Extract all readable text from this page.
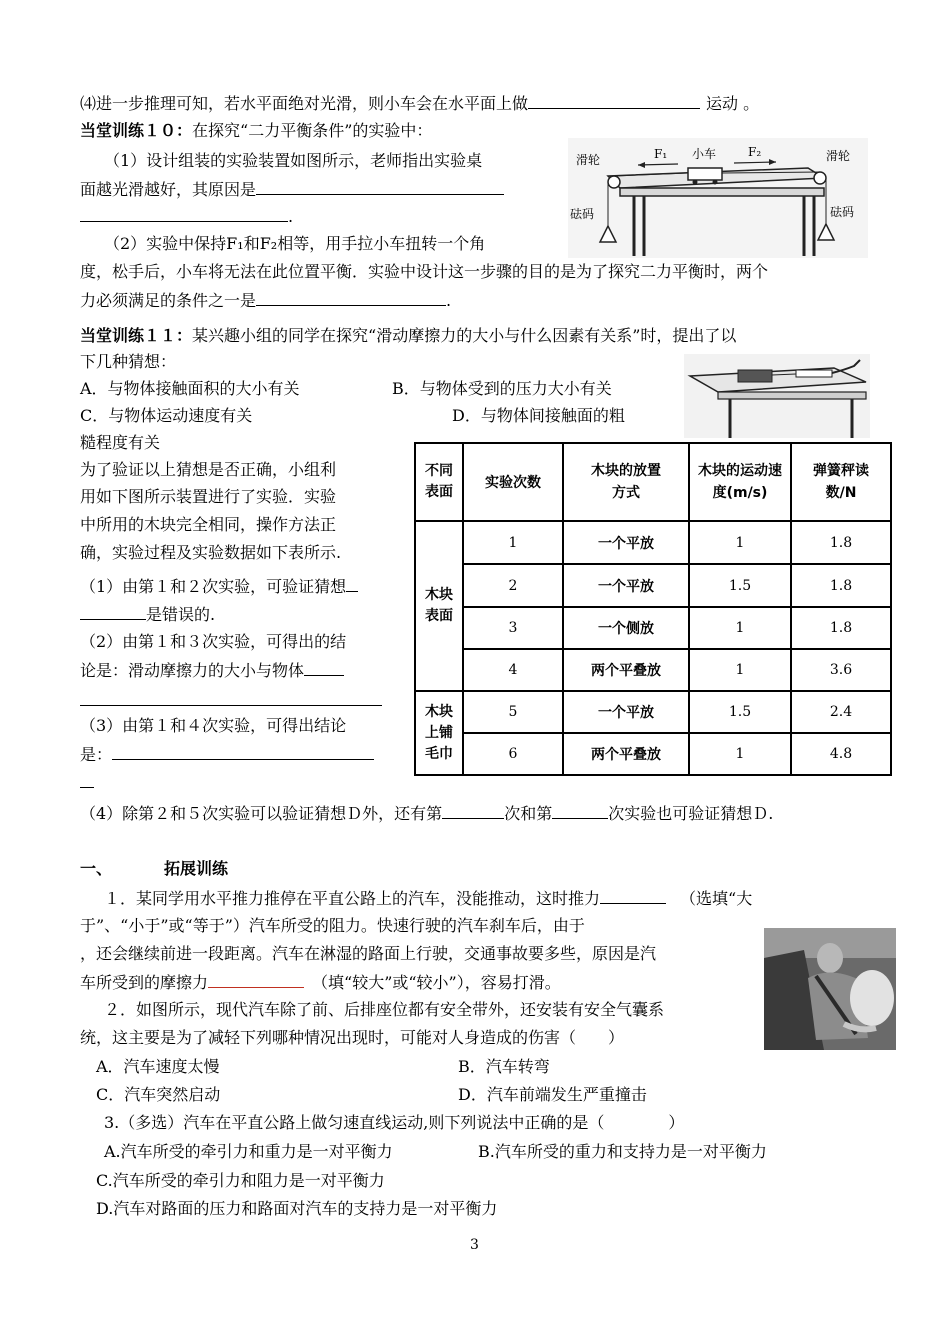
⑷进一步推理可知，若水平面绝对光滑，则小车会在水平面上做	运动 。
当堂训练１０：在探究“二力平衡条件”的实验中：
（1）设计组装的实验装置如图所示，老师指出实验桌
面越光滑越好，其原因是
.
（2）实验中保持F₁和F₂相等，用手拉小车扭转一个角
度，松手后，小车将无法在此位置平衡．实验中设计这一步骤的目的是为了探究二力平衡时，两个
力必须满足的条件之一是	.
滑轮	滑轮
F₁ 小车	F₂
砝码	砝码
当堂训练１１：某兴趣小组的同学在探究“滑动摩擦力的大小与什么因素有关系”时，提出了以
下几种猜想：
A．与物体接触面积的大小有关	B．与物体受到的压力大小有关
C．与物体运动速度有关	D．与物体间接触面的粗
糙程度有关
为了验证以上猜想是否正确，小组利
用如下图所示装置进行了实验．实验
中所用的木块完全相同，操作方法正
确，实验过程及实验数据如下表所示.
（1）由第１和２次实验，可验证猜想
是错误的.
（2）由第１和３次实验，可得出的结
论是：滑动摩擦力的大小与物体
（3）由第１和４次实验，可得出结论
是：
不同表面	实验次数	木块的放置方式	木块的运动速度(m/s)	弹簧秤读数/N

木块表面	1	一个平放	1	1.8
	2	一个平放	1.5	1.8
	3	一个侧放	1	1.8
	4	两个平叠放	1	3.6

木块上铺毛巾	5	一个平放	1.5	2.4
	6	两个平叠放	1	4.8
（4）除第２和５次实验可以验证猜想Ｄ外，还有第	次和第	次实验也可验证猜想Ｄ.
一、	拓展训练
１．某同学用水平推力推停在平直公路上的汽车，没能推动，这时推力	（选填“大
于”、“小于”或“等于”）汽车所受的阻力。快速行驶的汽车刹车后，由于
，还会继续前进一段距离。汽车在淋湿的路面上行驶，交通事故要多些，原因是汽
车所受到的摩擦力	（填“较大”或“较小”），容易打滑。
２．如图所示，现代汽车除了前、后排座位都有安全带外，还安装有安全气囊系
统，这主要是为了减轻下列哪种情况出现时，可能对人身造成的伤害（　　）
A．汽车速度太慢	B．汽车转弯
C．汽车突然启动	D．汽车前端发生严重撞击
3.（多选）汽车在平直公路上做匀速直线运动,则下列说法中正确的是（　　　　）
A.汽车所受的牵引力和重力是一对平衡力	B.汽车所受的重力和支持力是一对平衡力
C.汽车所受的牵引力和阻力是一对平衡力
D.汽车对路面的压力和路面对汽车的支持力是一对平衡力
3
